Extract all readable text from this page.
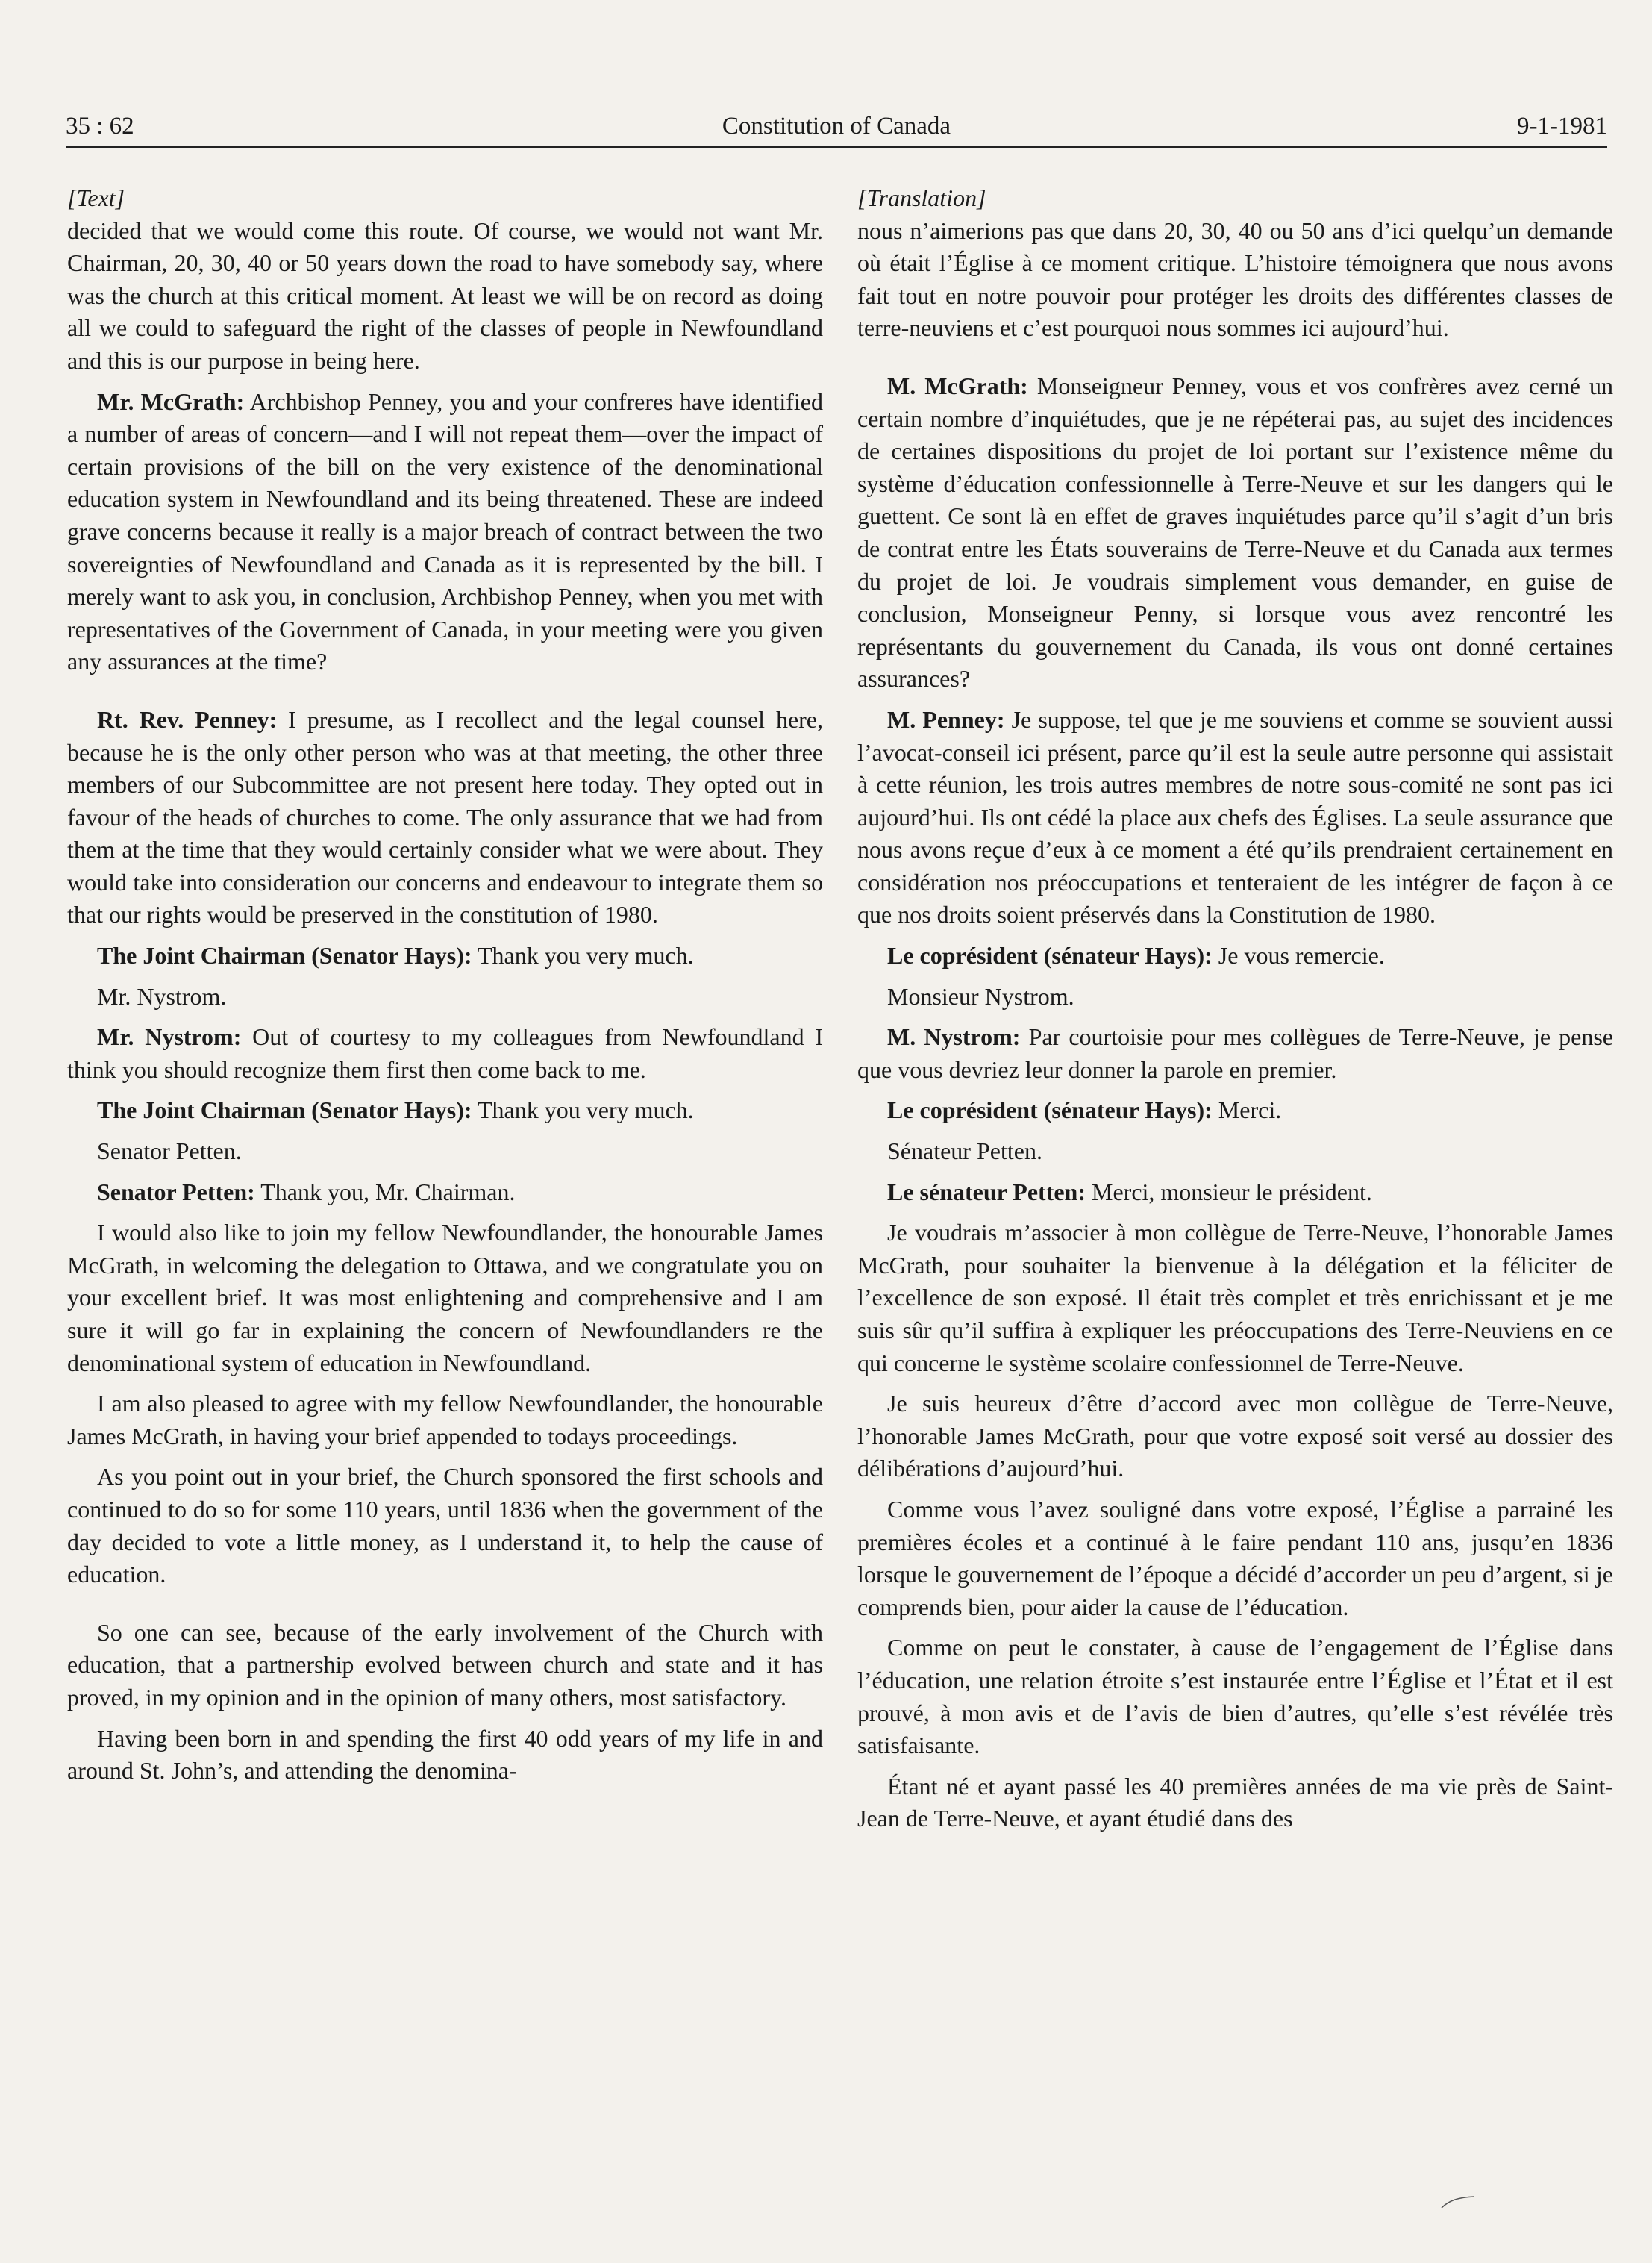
35 : 62	Constitution of Canada	9-1-1981

[Text]

decided that we would come this route. Of course, we would not want Mr. Chairman, 20, 30, 40 or 50 years down the road to have somebody say, where was the church at this critical moment. At least we will be on record as doing all we could to safeguard the right of the classes of people in Newfoundland and this is our purpose in being here.

Mr. McGrath: Archbishop Penney, you and your confreres have identified a number of areas of concern—and I will not repeat them—over the impact of certain provisions of the bill on the very existence of the denominational education system in Newfoundland and its being threatened. These are indeed grave concerns because it really is a major breach of contract between the two sovereignties of Newfoundland and Canada as it is represented by the bill. I merely want to ask you, in conclusion, Archbishop Penney, when you met with representatives of the Government of Canada, in your meeting were you given any assurances at the time?

Rt. Rev. Penney: I presume, as I recollect and the legal counsel here, because he is the only other person who was at that meeting, the other three members of our Subcommittee are not present here today. They opted out in favour of the heads of churches to come. The only assurance that we had from them at the time that they would certainly consider what we were about. They would take into consideration our concerns and endeavour to integrate them so that our rights would be preserved in the constitution of 1980.

The Joint Chairman (Senator Hays): Thank you very much.

Mr. Nystrom.

Mr. Nystrom: Out of courtesy to my colleagues from Newfoundland I think you should recognize them first then come back to me.

The Joint Chairman (Senator Hays): Thank you very much.

Senator Petten.

Senator Petten: Thank you, Mr. Chairman.

I would also like to join my fellow Newfoundlander, the honourable James McGrath, in welcoming the delegation to Ottawa, and we congratulate you on your excellent brief. It was most enlightening and comprehensive and I am sure it will go far in explaining the concern of Newfoundlanders re the denominational system of education in Newfoundland.

I am also pleased to agree with my fellow Newfoundlander, the honourable James McGrath, in having your brief appended to todays proceedings.

As you point out in your brief, the Church sponsored the first schools and continued to do so for some 110 years, until 1836 when the government of the day decided to vote a little money, as I understand it, to help the cause of education.

So one can see, because of the early involvement of the Church with education, that a partnership evolved between church and state and it has proved, in my opinion and in the opinion of many others, most satisfactory.

Having been born in and spending the first 40 odd years of my life in and around St. John’s, and attending the denomina-

[Translation]

nous n’aimerions pas que dans 20, 30, 40 ou 50 ans d’ici quelqu’un demande où était l’Église à ce moment critique. L’histoire témoignera que nous avons fait tout en notre pouvoir pour protéger les droits des différentes classes de terre-neuviens et c’est pourquoi nous sommes ici aujourd’hui.

M. McGrath: Monseigneur Penney, vous et vos confrères avez cerné un certain nombre d’inquiétudes, que je ne répéterai pas, au sujet des incidences de certaines dispositions du projet de loi portant sur l’existence même du système d’éducation confessionnelle à Terre-Neuve et sur les dangers qui le guettent. Ce sont là en effet de graves inquiétudes parce qu’il s’agit d’un bris de contrat entre les États souverains de Terre-Neuve et du Canada aux termes du projet de loi. Je voudrais simplement vous demander, en guise de conclusion, Monseigneur Penny, si lorsque vous avez rencontré les représentants du gouvernement du Canada, ils vous ont donné certaines assurances?

M. Penney: Je suppose, tel que je me souviens et comme se souvient aussi l’avocat-conseil ici présent, parce qu’il est la seule autre personne qui assistait à cette réunion, les trois autres membres de notre sous-comité ne sont pas ici aujourd’hui. Ils ont cédé la place aux chefs des Églises. La seule assurance que nous avons reçue d’eux à ce moment a été qu’ils prendraient certainement en considération nos préoccupations et tenteraient de les intégrer de façon à ce que nos droits soient préservés dans la Constitution de 1980.

Le coprésident (sénateur Hays): Je vous remercie.

Monsieur Nystrom.

M. Nystrom: Par courtoisie pour mes collègues de Terre-Neuve, je pense que vous devriez leur donner la parole en premier.

Le coprésident (sénateur Hays): Merci.

Sénateur Petten.

Le sénateur Petten: Merci, monsieur le président.

Je voudrais m’associer à mon collègue de Terre-Neuve, l’honorable James McGrath, pour souhaiter la bienvenue à la délégation et la féliciter de l’excellence de son exposé. Il était très complet et très enrichissant et je me suis sûr qu’il suffira à expliquer les préoccupations des Terre-Neuviens en ce qui concerne le système scolaire confessionnel de Terre-Neuve.

Je suis heureux d’être d’accord avec mon collègue de Terre-Neuve, l’honorable James McGrath, pour que votre exposé soit versé au dossier des délibérations d’aujourd’hui.

Comme vous l’avez souligné dans votre exposé, l’Église a parrainé les premières écoles et a continué à le faire pendant 110 ans, jusqu’en 1836 lorsque le gouvernement de l’époque a décidé d’accorder un peu d’argent, si je comprends bien, pour aider la cause de l’éducation.

Comme on peut le constater, à cause de l’engagement de l’Église dans l’éducation, une relation étroite s’est instaurée entre l’Église et l’État et il est prouvé, à mon avis et de l’avis de bien d’autres, qu’elle s’est révélée très satisfaisante.

Étant né et ayant passé les 40 premières années de ma vie près de Saint-Jean de Terre-Neuve, et ayant étudié dans des
